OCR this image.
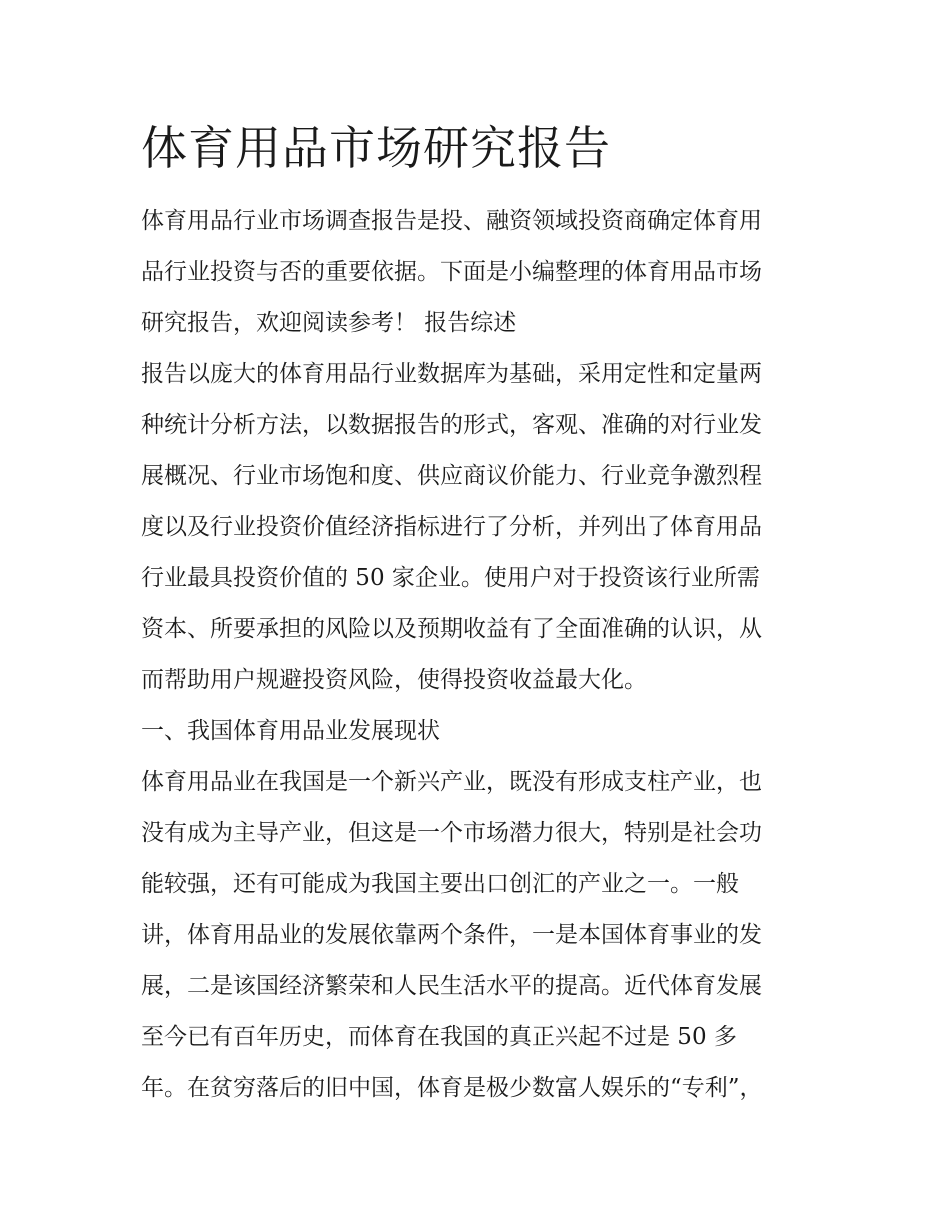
体育用品市场研究报告
体育用品行业市场调查报告是投、融资领域投资商确定体育用
品行业投资与否的重要依据。下面是小编整理的体育用品市场
研究报告，欢迎阅读参考！ 报告综述
报告以庞大的体育用品行业数据库为基础，采用定性和定量两
种统计分析方法，以数据报告的形式，客观、准确的对行业发
展概况、行业市场饱和度、供应商议价能力、行业竞争激烈程
度以及行业投资价值经济指标进行了分析，并列出了体育用品
行业最具投资价值的 50 家企业。使用户对于投资该行业所需
资本、所要承担的风险以及预期收益有了全面准确的认识，从
而帮助用户规避投资风险，使得投资收益最大化。
一、我国体育用品业发展现状
体育用品业在我国是一个新兴产业，既没有形成支柱产业，也
没有成为主导产业，但这是一个市场潜力很大，特别是社会功
能较强，还有可能成为我国主要出口创汇的产业之一。一般
讲，体育用品业的发展依靠两个条件，一是本国体育事业的发
展，二是该国经济繁荣和人民生活水平的提高。近代体育发展
至今已有百年历史，而体育在我国的真正兴起不过是 50 多
年。在贫穷落后的旧中国，体育是极少数富人娱乐的“专利”，
